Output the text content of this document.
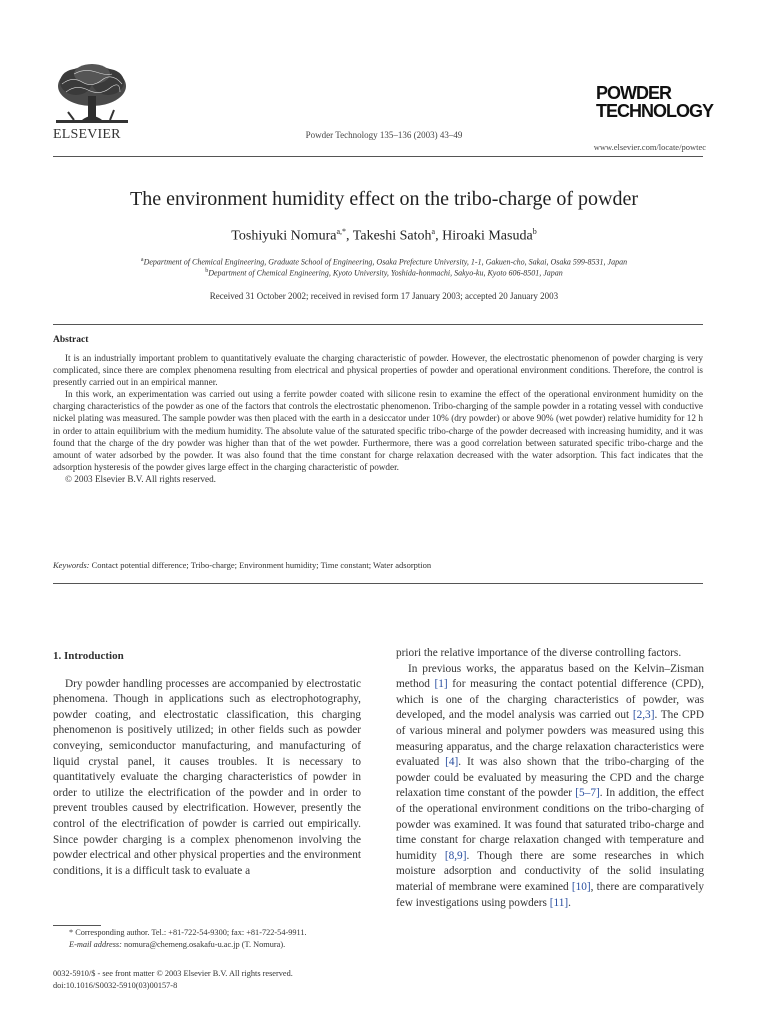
ELSEVIER	Powder Technology 135–136 (2003) 43–49
POWDER
TECHNOLOGY
www.elsevier.com/locate/powtec
The environment humidity effect on the tribo-charge of powder
Toshiyuki Nomura$^{a,*}$, Takeshi Satoh$^a$, Hiroaki Masuda$^b$
$^a$Department of Chemical Engineering, Graduate School of Engineering, Osaka Prefecture University, 1-1, Gakuen-cho, Sakai, Osaka 599-8531, Japan
$^b$Department of Chemical Engineering, Kyoto University, Yoshida-honmachi, Sakyo-ku, Kyoto 606-8501, Japan
Received 31 October 2002; received in revised form 17 January 2003; accepted 20 January 2003
Abstract

It is an industrially important problem to quantitatively evaluate the charging characteristic of powder. However, the electrostatic phenomenon of powder charging is very complicated, since there are complex phenomena resulting from electrical and physical properties of powder and operational environment conditions. Therefore, the control is presently carried out in an empirical manner.

In this work, an experimentation was carried out using a ferrite powder coated with silicone resin to examine the effect of the operational environment humidity on the charging characteristics of the powder as one of the factors that controls the electrostatic phenomenon. Tribo-charging of the sample powder in a rotating vessel with conductive nickel plating was measured. The sample powder was then placed with the earth in a desiccator under 10% (dry powder) or above 90% (wet powder) relative humidity for 12 h in order to attain equilibrium with the medium humidity. The absolute value of the saturated specific tribo-charge of the powder decreased with increasing humidity, and it was found that the charge of the dry powder was higher than that of the wet powder. Furthermore, there was a good correlation between saturated specific tribo-charge and the amount of water adsorbed by the powder. It was also found that the time constant for charge relaxation decreased with the water adsorption. This fact indicates that the adsorption hysteresis of the powder gives large effect in the charging characteristic of powder.

© 2003 Elsevier B.V. All rights reserved.

Keywords: Contact potential difference; Tribo-charge; Environment humidity; Time constant; Water adsorption
1. Introduction

Dry powder handling processes are accompanied by electrostatic phenomena. Though in applications such as electrophotography, powder coating, and electrostatic classification, this charging phenomenon is positively utilized; in other fields such as powder conveying, semiconductor manufacturing, and manufacturing of liquid crystal panel, it causes troubles. It is necessary to quantitatively evaluate the charging characteristics of powder in order to utilize the electrification of the powder and in order to prevent troubles caused by electrification. However, presently the control of the electrification of powder is carried out empirically. Since powder charging is a complex phenomenon involving the powder electrical and other physical properties and the environment conditions, it is a difficult task to evaluate a

priori the relative importance of the diverse controlling factors.

In previous works, the apparatus based on the Kelvin–Zisman method [1] for measuring the contact potential difference (CPD), which is one of the charging characteristics of powder, was developed, and the model analysis was carried out [2,3]. The CPD of various mineral and polymer powders was measured using this measuring apparatus, and the charge relaxation characteristics were evaluated [4]. It was also shown that the tribo-charging of the powder could be evaluated by measuring the CPD and the charge relaxation time constant of the powder [5–7]. In addition, the effect of the operational environment conditions on the tribo-charging of powder was examined. It was found that saturated tribo-charge and time constant for charge relaxation changed with temperature and humidity [8,9]. Though there are some researches in which moisture adsorption and conductivity of the solid insulating material of membrane were examined [10], there are comparatively few investigations using powders [11].

* Corresponding author. Tel.: +81-722-54-9300; fax: +81-722-54-9911.
E-mail address: nomura@chemeng.osakafu-u.ac.jp (T. Nomura).
0032-5910/$ - see front matter © 2003 Elsevier B.V. All rights reserved.
doi:10.1016/S0032-5910(03)00157-8
